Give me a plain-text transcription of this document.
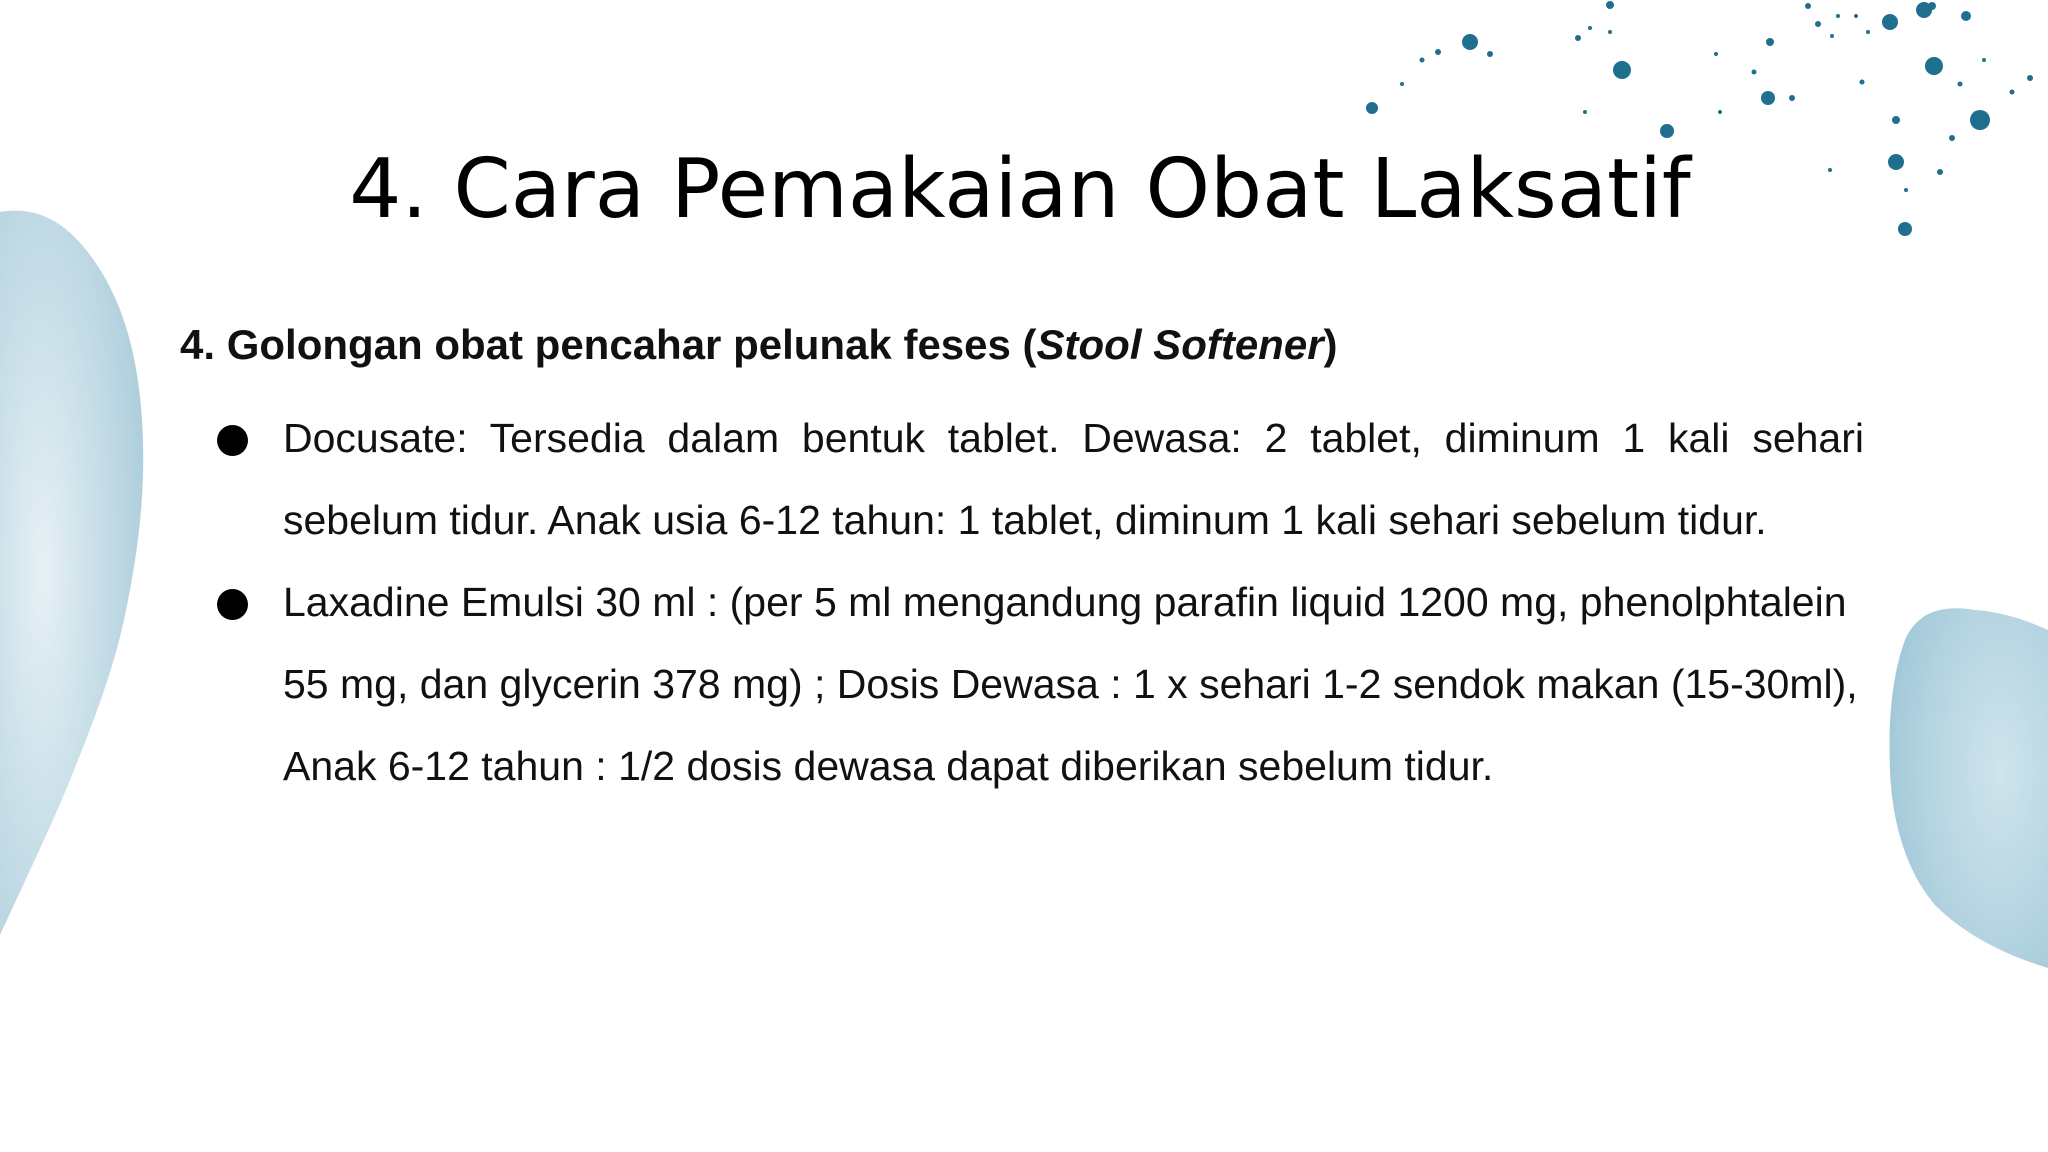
4. Cara Pemakaian Obat Laksatif

4. Golongan obat pencahar pelunak feses (Stool Softener)

Docusate: Tersedia dalam bentuk tablet. Dewasa: 2 tablet, diminum 1 kali sehari sebelum tidur. Anak usia 6-12 tahun: 1 tablet, diminum 1 kali sehari sebelum tidur.
Laxadine Emulsi 30 ml : (per 5 ml mengandung parafin liquid 1200 mg, phenolphtalein 55 mg, dan glycerin 378 mg) ; Dosis Dewasa : 1 x sehari 1-2 sendok makan (15-30ml), Anak 6-12 tahun : 1/2 dosis dewasa dapat diberikan sebelum tidur.
